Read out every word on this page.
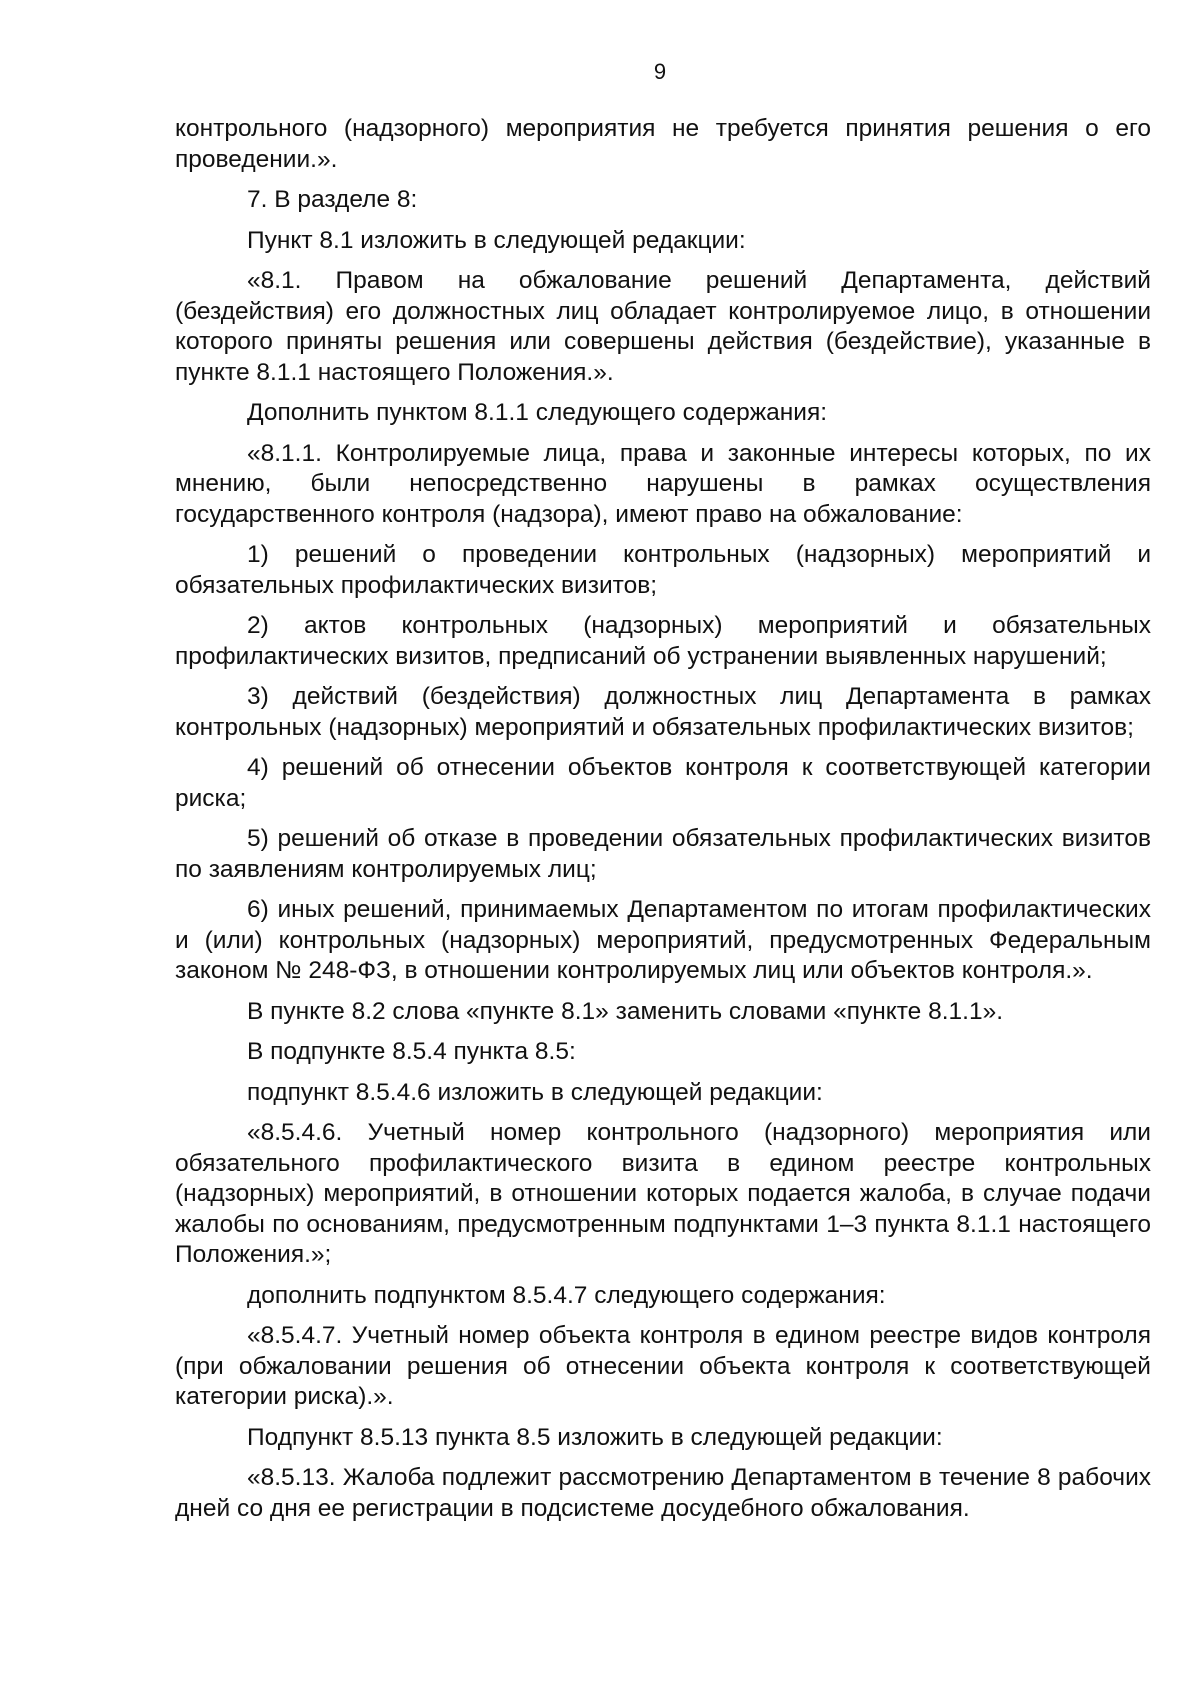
9

контрольного (надзорного) мероприятия не требуется принятия решения о его проведении.».

7. В разделе 8:

Пункт 8.1 изложить в следующей редакции:

«8.1. Правом на обжалование решений Департамента, действий (бездействия) его должностных лиц обладает контролируемое лицо, в отношении которого приняты решения или совершены действия (бездействие), указанные в пункте 8.1.1 настоящего Положения.».

Дополнить пунктом 8.1.1 следующего содержания:

«8.1.1. Контролируемые лица, права и законные интересы которых, по их мнению, были непосредственно нарушены в рамках осуществления государственного контроля (надзора), имеют право на обжалование:

1) решений о проведении контрольных (надзорных) мероприятий и обязательных профилактических визитов;

2) актов контрольных (надзорных) мероприятий и обязательных профилактических визитов, предписаний об устранении выявленных нарушений;

3) действий (бездействия) должностных лиц Департамента в рамках контрольных (надзорных) мероприятий и обязательных профилактических визитов;

4) решений об отнесении объектов контроля к соответствующей категории риска;

5) решений об отказе в проведении обязательных профилактических визитов по заявлениям контролируемых лиц;

6) иных решений, принимаемых Департаментом по итогам профилактических и (или) контрольных (надзорных) мероприятий, предусмотренных Федеральным законом № 248-ФЗ, в отношении контролируемых лиц или объектов контроля.».

В пункте 8.2 слова «пункте 8.1» заменить словами «пункте 8.1.1».

В подпункте 8.5.4 пункта 8.5:

подпункт 8.5.4.6 изложить в следующей редакции:

«8.5.4.6. Учетный номер контрольного (надзорного) мероприятия или обязательного профилактического визита в едином реестре контрольных (надзорных) мероприятий, в отношении которых подается жалоба, в случае подачи жалобы по основаниям, предусмотренным подпунктами 1–3 пункта 8.1.1 настоящего Положения.»;

дополнить подпунктом 8.5.4.7 следующего содержания:

«8.5.4.7. Учетный номер объекта контроля в едином реестре видов контроля (при обжаловании решения об отнесении объекта контроля к соответствующей категории риска).».

Подпункт 8.5.13 пункта 8.5 изложить в следующей редакции:

«8.5.13. Жалоба подлежит рассмотрению Департаментом в течение 8 рабочих дней со дня ее регистрации в подсистеме досудебного обжалования.
